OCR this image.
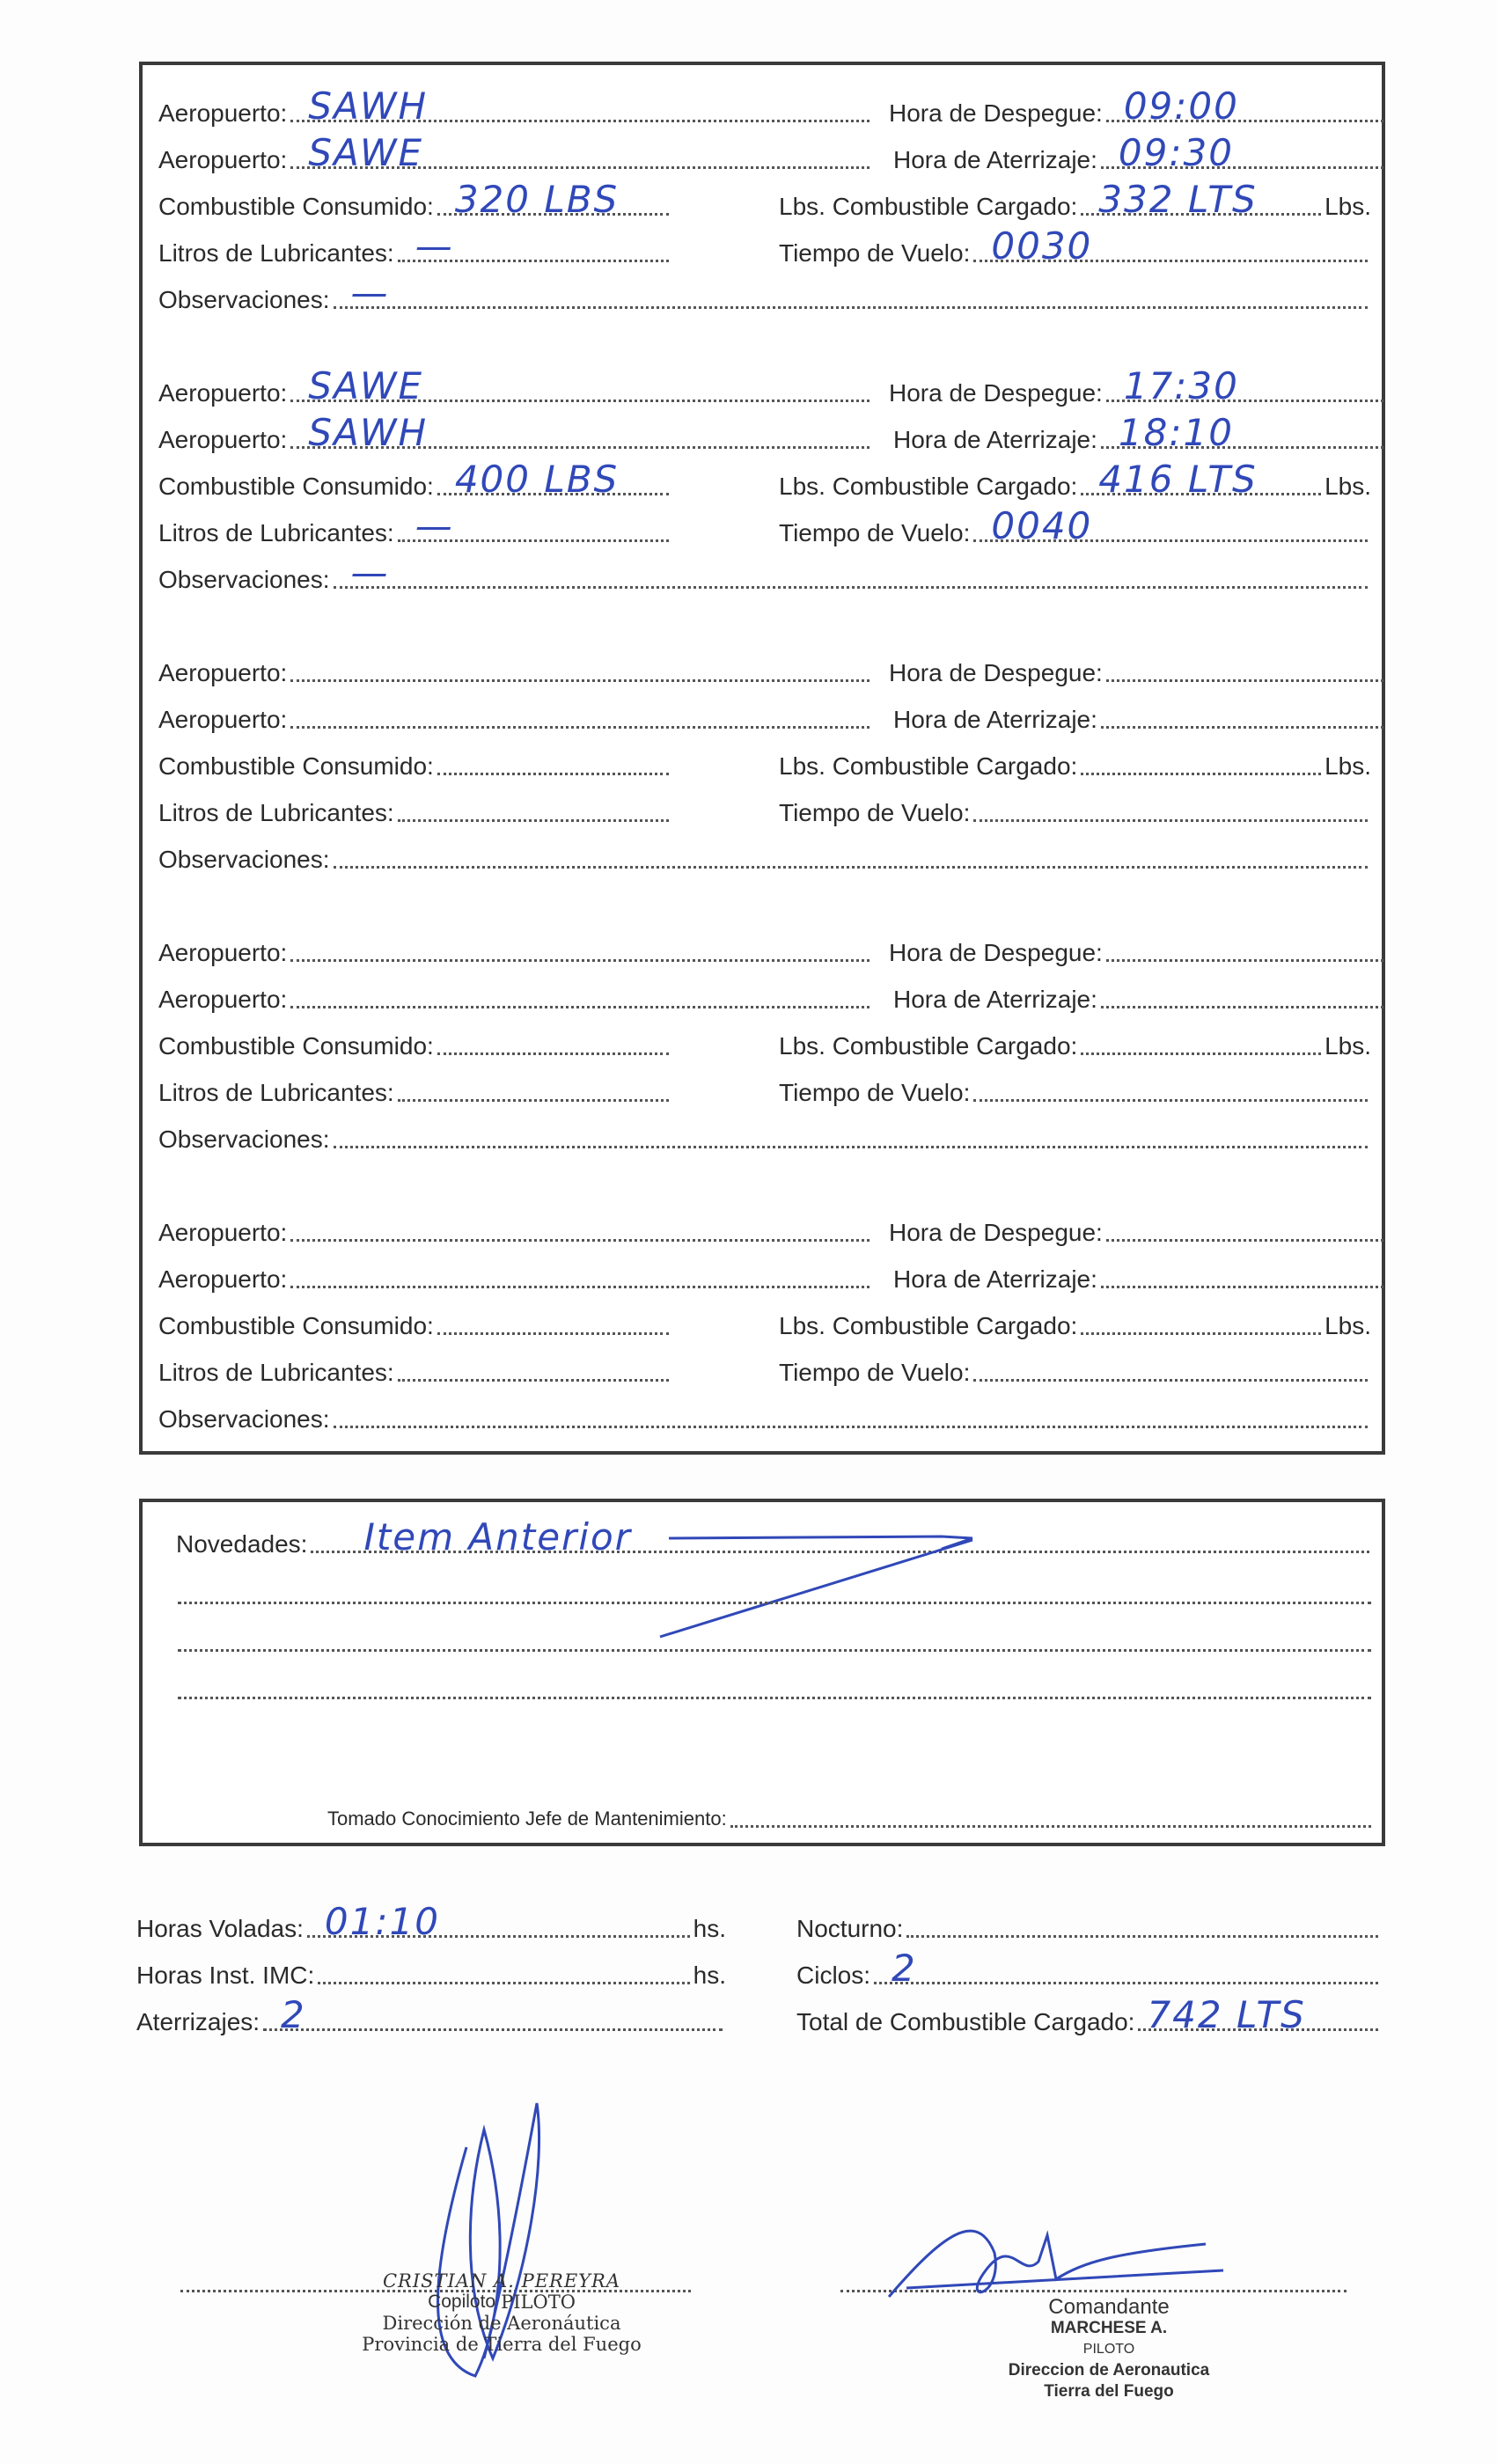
Aeropuerto: SAWH	Hora de Despegue: 09:00
Aeropuerto: SAWE	Hora de Aterrizaje: 09:30
Combustible Consumido: 320 LBS	Lbs. Combustible Cargado: 332 LTS	Lbs.
Litros de Lubricantes: —	Tiempo de Vuelo: 0030
Observaciones: —
Aeropuerto: SAWE	Hora de Despegue: 17:30
Aeropuerto: SAWH	Hora de Aterrizaje: 18:10
Combustible Consumido: 400 LBS	Lbs. Combustible Cargado: 416 LTS	Lbs.
Litros de Lubricantes: —	Tiempo de Vuelo: 0040
Observaciones: —
Aeropuerto:	Hora de Despegue:
Aeropuerto:	Hora de Aterrizaje:
Combustible Consumido:	Lbs. Combustible Cargado:	Lbs.
Litros de Lubricantes:	Tiempo de Vuelo:
Observaciones:
Aeropuerto:	Hora de Despegue:
Aeropuerto:	Hora de Aterrizaje:
Combustible Consumido:	Lbs. Combustible Cargado:	Lbs.
Litros de Lubricantes:	Tiempo de Vuelo:
Observaciones:
Aeropuerto:	Hora de Despegue:
Aeropuerto:	Hora de Aterrizaje:
Combustible Consumido:	Lbs. Combustible Cargado:	Lbs.
Litros de Lubricantes:	Tiempo de Vuelo:
Observaciones:
Novedades: Item Anterior
Tomado Conocimiento Jefe de Mantenimiento:
Horas Voladas: 01:10	hs.
Horas Inst. IMC:	hs.
Aterrizajes: 2
Nocturno:
Ciclos: 2
Total de Combustible Cargado: 742 LTS
CRISTIAN A. PEREYRA
Copiloto PILOTO
Dirección de Aeronáutica
Provincia de Tierra del Fuego
Comandante
MARCHESE A.
PILOTO
Direccion de Aeronautica
Tierra del Fuego
